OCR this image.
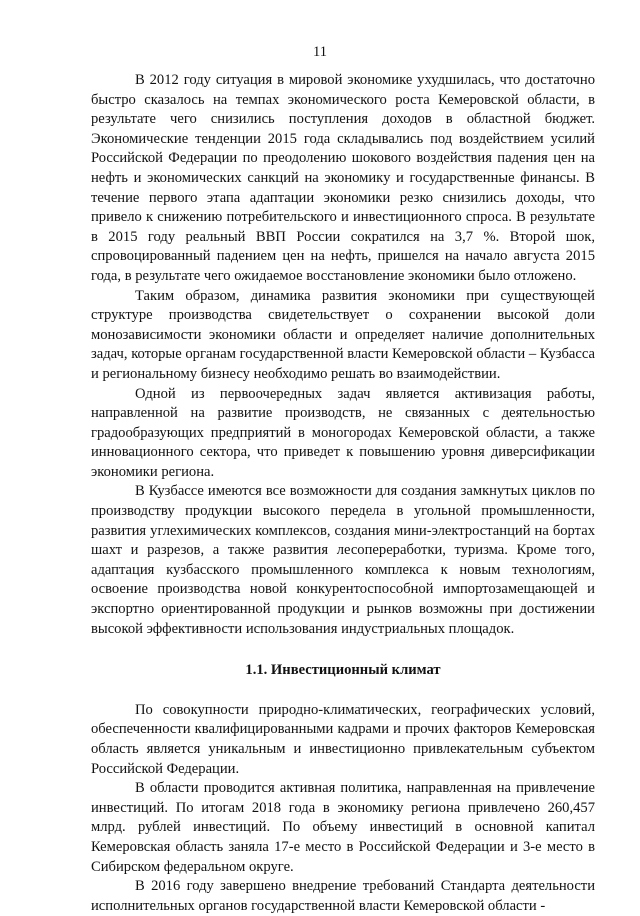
11

В 2012 году ситуация в мировой экономике ухудшилась, что достаточно быстро сказалось на темпах экономического роста Кемеровской области, в результате чего снизились поступления доходов в областной бюджет. Экономические тенденции 2015 года складывались под воздействием усилий Российской Федерации по преодолению шокового воздействия падения цен на нефть и экономических санкций на экономику и государственные финансы. В течение первого этапа адаптации экономики резко снизились доходы, что привело к снижению потребительского и инвестиционного спроса. В результате в 2015 году реальный ВВП России сократился на 3,7 %. Второй шок, спровоцированный падением цен на нефть, пришелся на начало августа 2015 года, в результате чего ожидаемое восстановление экономики было отложено.

Таким образом, динамика развития экономики при существующей структуре производства свидетельствует о сохранении высокой доли монозависимости экономики области и определяет наличие дополнительных задач, которые органам государственной власти Кемеровской области – Кузбасса и региональному бизнесу необходимо решать во взаимодействии.

Одной из первоочередных задач является активизация работы, направленной на развитие производств, не связанных с деятельностью градообразующих предприятий в моногородах Кемеровской области, а также инновационного сектора, что приведет к повышению уровня диверсификации экономики региона.

В Кузбассе имеются все возможности для создания замкнутых циклов по производству продукции высокого передела в угольной промышленности, развития углехимических комплексов, создания мини-электростанций на бортах шахт и разрезов, а также развития лесопереработки, туризма. Кроме того, адаптация кузбасского промышленного комплекса к новым технологиям, освоение производства новой конкурентоспособной импортозамещающей и экспортно ориентированной продукции и рынков возможны при достижении высокой эффективности использования индустриальных площадок.

1.1. Инвестиционный климат

По совокупности природно-климатических, географических условий, обеспеченности квалифицированными кадрами и прочих факторов Кемеровская область является уникальным и инвестиционно привлекательным субъектом Российской Федерации.

В области проводится активная политика, направленная на привлечение инвестиций. По итогам 2018 года в экономику региона привлечено 260,457 млрд. рублей инвестиций. По объему инвестиций в основной капитал Кемеровская область заняла 17-е место в Российской Федерации и 3-е место в Сибирском федеральном округе.

В 2016 году завершено внедрение требований Стандарта деятельности исполнительных органов государственной власти Кемеровской области -
